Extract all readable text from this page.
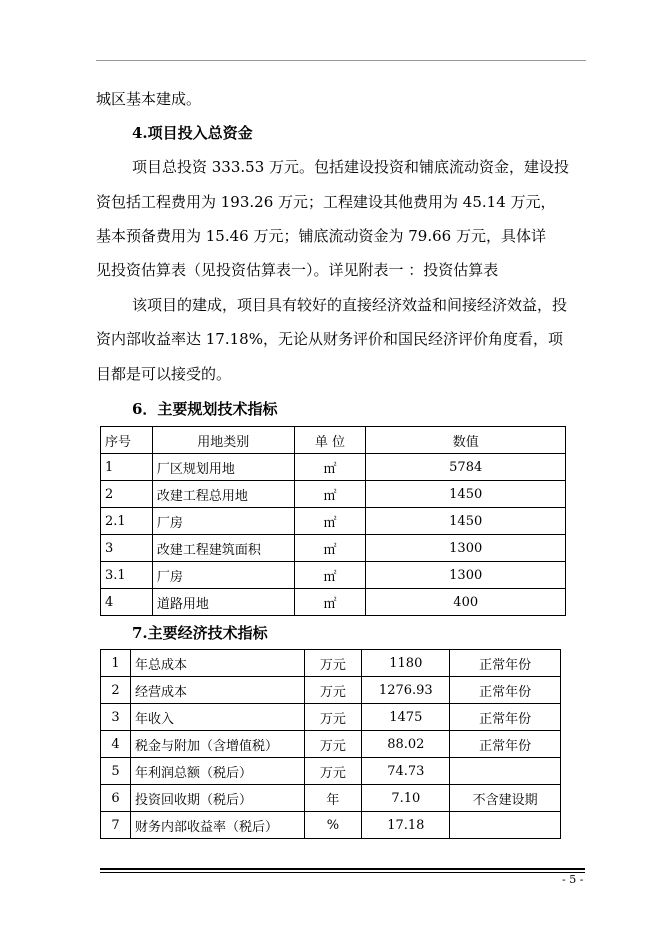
城区基本建成。
4.项目投入总资金
项目总投资 333.53 万元。包括建设投资和铺底流动资金，建设投
资包括工程费用为 193.26 万元；工程建设其他费用为 45.14 万元，
基本预备费用为 15.46 万元；铺底流动资金为 79.66 万元，具体详
见投资估算表（见投资估算表一）。详见附表一 ：投资估算表
该项目的建成，项目具有较好的直接经济效益和间接经济效益，投
资内部收益率达 17.18%，无论从财务评价和国民经济评价角度看，项
目都是可以接受的。
6．主要规划技术指标
序号	用地类别	单 位	数值
1	厂区规划用地	㎡	5784
2	改建工程总用地	㎡	1450
2.1	厂房	㎡	1450
3	改建工程建筑面积	㎡	1300
3.1	厂房	㎡	1300
4	道路用地	㎡	400
7.主要经济技术指标
1	年总成本	万元	1180	正常年份
2	经营成本	万元	1276.93	正常年份
3	年收入	万元	1475	正常年份
4	税金与附加（含增值税）	万元	88.02	正常年份
5	年利润总额（税后）	万元	74.73	
6	投资回收期（税后）	年	7.10	不含建设期
7	财务内部收益率（税后）	%	17.18	
- 5 -
